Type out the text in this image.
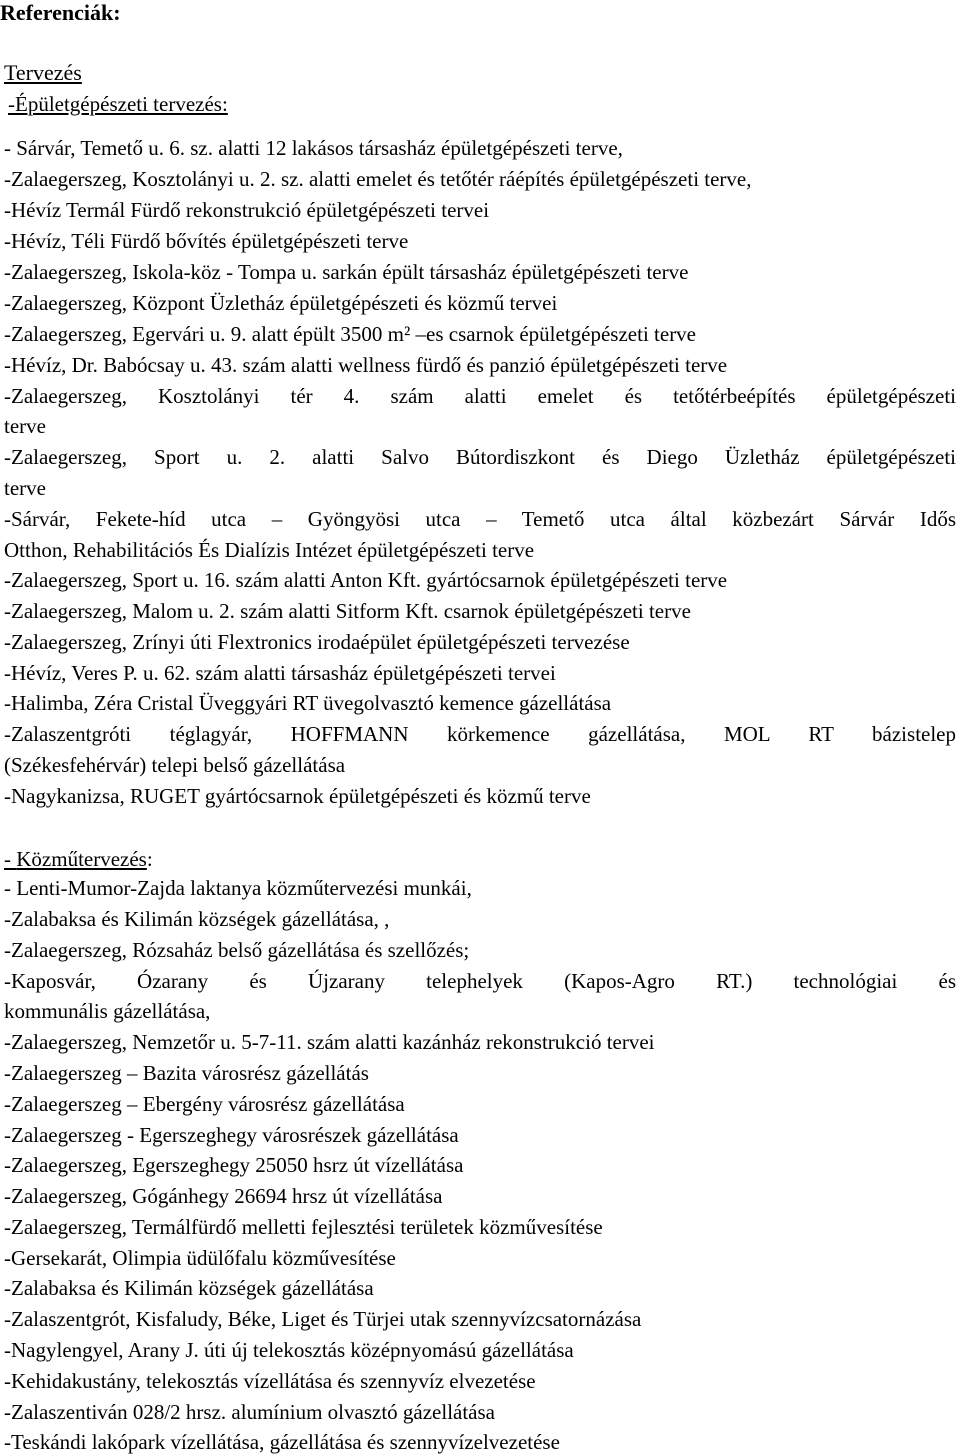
Referenciák:
Tervezés
-Épületgépészeti tervezés:
- Sárvár, Temető u. 6. sz. alatti 12 lakásos társasház épületgépészeti terve,
-Zalaegerszeg, Kosztolányi u. 2. sz. alatti emelet és tetőtér ráépítés épületgépészeti terve,
-Hévíz Termál Fürdő rekonstrukció épületgépészeti tervei
-Hévíz, Téli Fürdő bővítés épületgépészeti terve
-Zalaegerszeg, Iskola-köz - Tompa u. sarkán épült társasház épületgépészeti terve
-Zalaegerszeg, Központ Üzletház épületgépészeti és közmű tervei
-Zalaegerszeg, Egervári u. 9. alatt épült 3500 m² –es csarnok épületgépészeti terve
-Hévíz, Dr. Babócsay u. 43. szám alatti wellness fürdő és panzió épületgépészeti terve
-Zalaegerszeg, Kosztolányi tér 4. szám alatti emelet és tetőtérbeépítés épületgépészeti
terve
-Zalaegerszeg, Sport u. 2. alatti Salvo Bútordiszkont és Diego Üzletház épületgépészeti
terve
-Sárvár, Fekete-híd utca – Gyöngyösi utca – Temető utca által közbezárt Sárvár Idős
Otthon, Rehabilitációs És Dialízis Intézet épületgépészeti terve
-Zalaegerszeg, Sport u. 16. szám alatti Anton Kft. gyártócsarnok épületgépészeti terve
-Zalaegerszeg, Malom u. 2. szám alatti Sitform Kft. csarnok épületgépészeti terve
-Zalaegerszeg, Zrínyi úti Flextronics irodaépület épületgépészeti tervezése
-Hévíz, Veres P. u. 62. szám alatti társasház épületgépészeti tervei
-Halimba, Zéra Cristal Üveggyári RT üvegolvasztó kemence gázellátása
-Zalaszentgróti téglagyár, HOFFMANN körkemence gázellátása, MOL RT bázistelep
(Székesfehérvár) telepi belső gázellátása
-Nagykanizsa, RUGET gyártócsarnok épületgépészeti és közmű terve
- Közműtervezés:
- Lenti-Mumor-Zajda laktanya közműtervezési munkái,
-Zalabaksa és Kilimán községek gázellátása, ,
-Zalaegerszeg, Rózsaház belső gázellátása és szellőzés;
-Kaposvár, Ózarany és Újzarany telephelyek (Kapos-Agro RT.) technológiai és
kommunális gázellátása,
-Zalaegerszeg, Nemzetőr u. 5-7-11. szám alatti kazánház rekonstrukció tervei
-Zalaegerszeg – Bazita városrész gázellátás
-Zalaegerszeg – Ebergény városrész gázellátása
-Zalaegerszeg - Egerszeghegy városrészek gázellátása
-Zalaegerszeg, Egerszeghegy 25050 hsrz út vízellátása
-Zalaegerszeg, Gógánhegy 26694 hrsz út vízellátása
-Zalaegerszeg, Termálfürdő melletti fejlesztési területek közművesítése
-Gersekarát, Olimpia üdülőfalu közművesítése
-Zalabaksa és Kilimán községek gázellátása
-Zalaszentgrót, Kisfaludy, Béke, Liget és Türjei utak szennyvízcsatornázása
-Nagylengyel, Arany J. úti új telekosztás középnyomású gázellátása
-Kehidakustány, telekosztás vízellátása és szennyvíz elvezetése
-Zalaszentiván 028/2 hrsz. alumínium olvasztó gázellátása
-Teskándi lakópark vízellátása, gázellátása és szennyvízelvezetése
